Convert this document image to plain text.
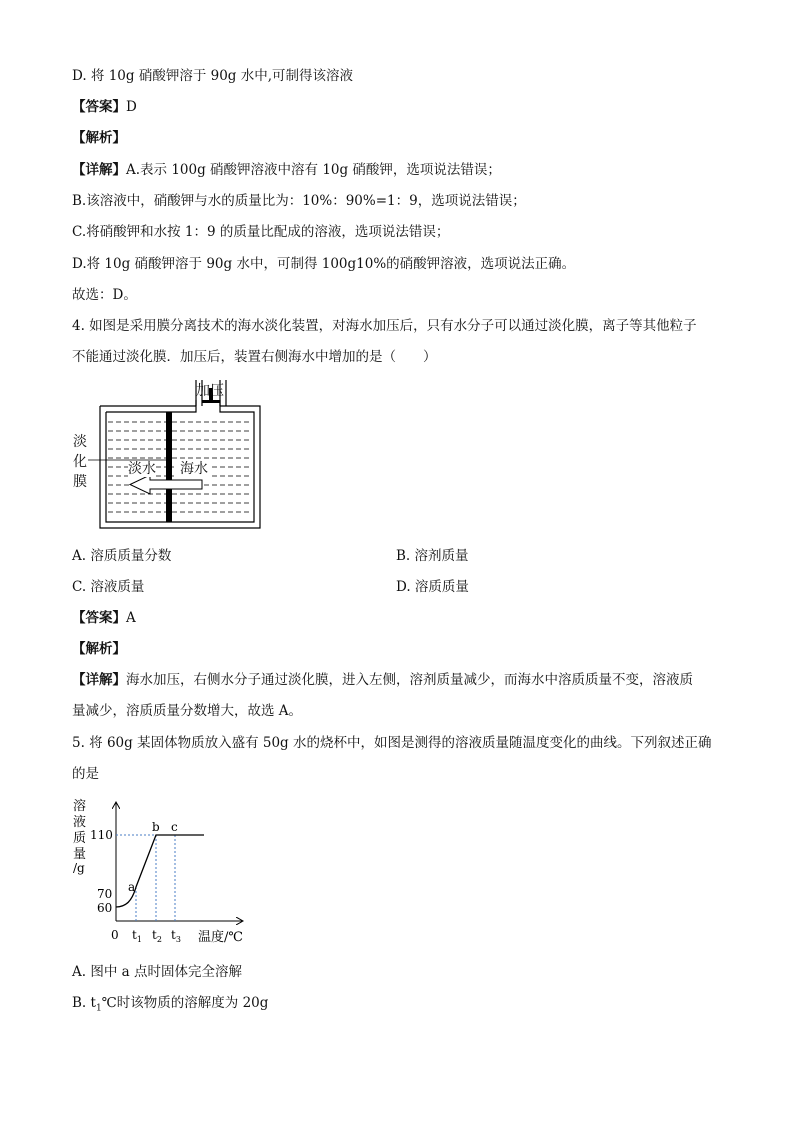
D. 将 10g 硝酸钾溶于 90g 水中,可制得该溶液
【答案】D
【解析】
【详解】A.表示 100g 硝酸钾溶液中溶有 10g 硝酸钾，选项说法错误；
B.该溶液中，硝酸钾与水的质量比为：10%：90%=1：9，选项说法错误；
C.将硝酸钾和水按 1：9 的质量比配成的溶液，选项说法错误；
D.将 10g 硝酸钾溶于 90g 水中，可制得 100g10%的硝酸钾溶液，选项说法正确。
故选：D。
4. 如图是采用膜分离技术的海水淡化装置，对海水加压后，只有水分子可以通过淡化膜，离子等其他粒子
不能通过淡化膜．加压后，装置右侧海水中增加的是（　　）
加压
淡
化
膜
淡水 海水
A. 溶质质量分数	B. 溶剂质量
C. 溶液质量	D. 溶质质量
【答案】A
【解析】
【详解】海水加压，右侧水分子通过淡化膜，进入左侧，溶剂质量减少，而海水中溶质质量不变，溶液质
量减少，溶质质量分数增大，故选 A。
5. 将 60g 某固体物质放入盛有 50g 水的烧杯中，如图是测得的溶液质量随温度变化的曲线。下列叙述正确
的是
溶
液
质
量
/g
110
70
60
a
b c
0 $t_1$ $t_2$ $t_3$ 温度/℃
A. 图中 a 点时固体完全溶解
B. $t_1℃$时该物质的溶解度为 20g
